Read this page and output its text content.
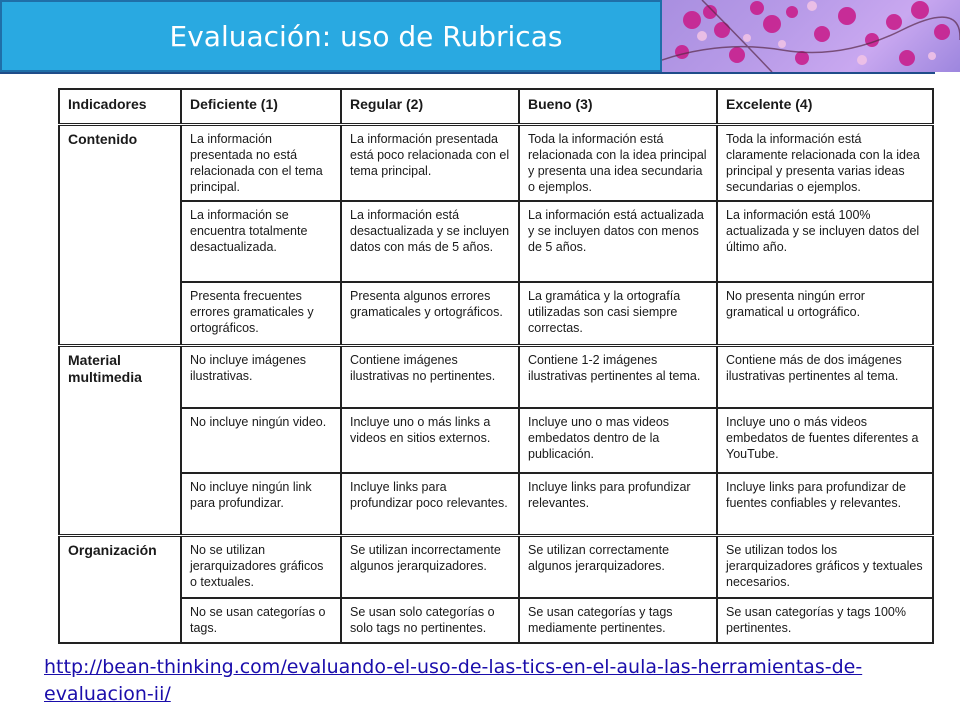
Evaluación: uso de Rubricas
Indicadores	Deficiente (1)	Regular (2)	Bueno (3)	Excelente (4)
Contenido	La información presentada no está relacionada con el tema principal.	La información presentada está poco relacionada con el tema principal.	Toda la información está relacionada con la idea principal y presenta una idea secundaria o ejemplos.	Toda la información está claramente relacionada con la idea principal y presenta varias ideas secundarias o ejemplos.
	La información se encuentra totalmente desactualizada.	La información está desactualizada y se incluyen datos con más de 5 años.	La información está actualizada y se incluyen datos con menos de 5 años.	La información está 100% actualizada y se incluyen datos del último año.
	Presenta frecuentes errores gramaticales y ortográficos.	Presenta algunos errores gramaticales y ortográficos.	La gramática y la ortografía utilizadas son casi siempre correctas.	No presenta ningún error gramatical u ortográfico.
Material multimedia	No incluye imágenes ilustrativas.	Contiene imágenes ilustrativas no pertinentes.	Contiene 1-2 imágenes ilustrativas pertinentes al tema.	Contiene más de dos imágenes ilustrativas pertinentes al tema.
	No incluye ningún video.	Incluye uno o más links a videos en sitios externos.	Incluye uno o mas videos embedatos dentro de la publicación.	Incluye uno o más videos embedatos de fuentes diferentes a YouTube.
	No incluye ningún link para profundizar.	Incluye links para profundizar poco relevantes.	Incluye links para profundizar relevantes.	Incluye links para profundizar de fuentes confiables y relevantes.
Organización	No se utilizan jerarquizadores gráficos o textuales.	Se utilizan incorrectamente algunos jerarquizadores.	Se utilizan correctamente algunos jerarquizadores.	Se utilizan todos los jerarquizadores gráficos y textuales necesarios.
	No se usan categorías o tags.	Se usan solo categorías o solo tags no pertinentes.	Se usan categorías y tags mediamente pertinentes.	Se usan categorías y tags 100% pertinentes.
http://bean-thinking.com/evaluando-el-uso-de-las-tics-en-el-aula-las-herramientas-de-evaluacion-ii/
